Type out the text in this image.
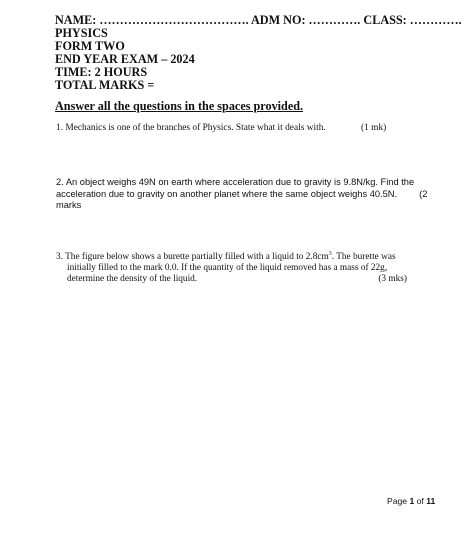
NAME: ………………………………. ADM NO: …………. CLASS: ………….
PHYSICS
FORM TWO
END YEAR EXAM – 2024
TIME: 2 HOURS
TOTAL MARKS =
Answer all the questions in the spaces provided.
1. Mechanics is one of the branches of Physics. State what it deals with.	(1 mk)
2. An object weighs 49N on earth where acceleration due to gravity is 9.8N/kg. Find the
acceleration due to gravity on another planet where the same object weighs 40.5N. (2
marks
3. The figure below shows a burette partially filled with a liquid to $2.8cm^3$. The burette was
initially filled to the mark 0.0. If the quantity of the liquid removed has a mass of 22g,
determine the density of the liquid.	(3 mks)
Page 1 of 11
